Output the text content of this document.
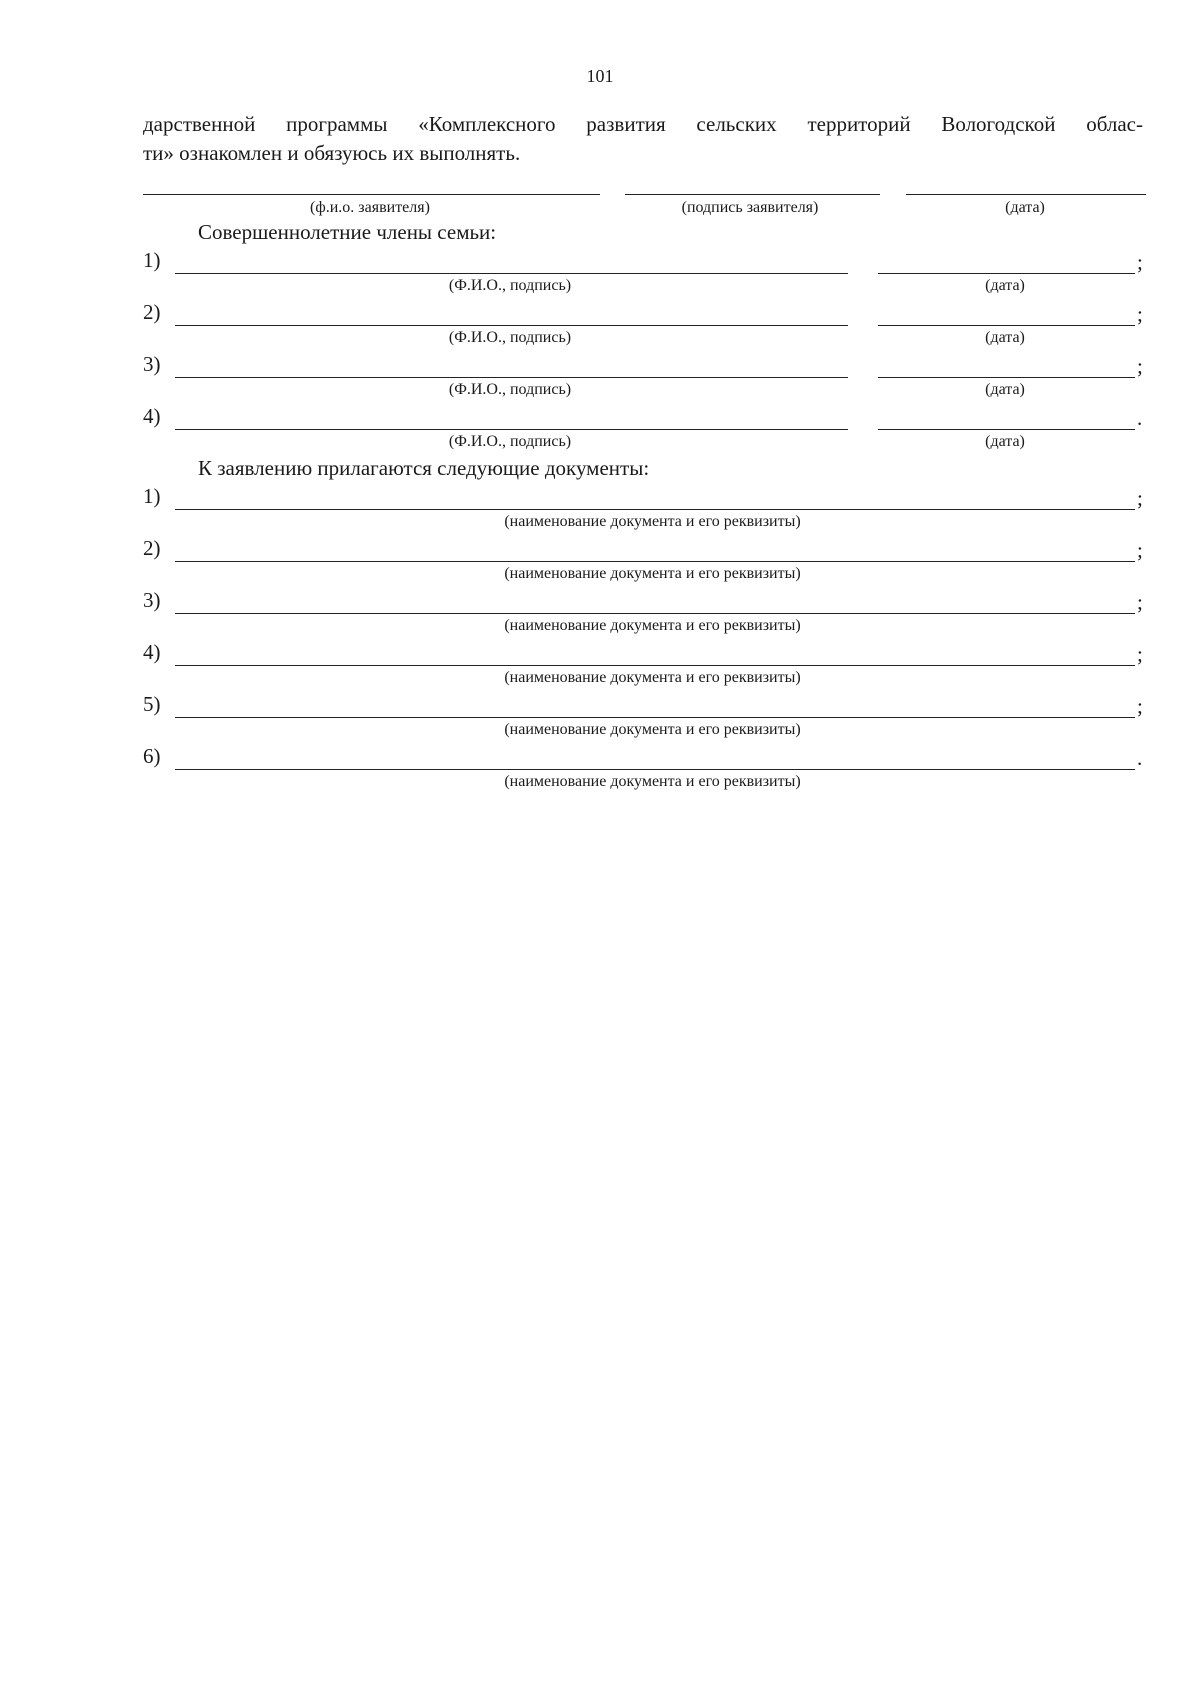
101
дарственной программы «Комплексного развития сельских территорий Вологодской облас-
ти» ознакомлен и обязуюсь их выполнять.
(ф.и.о. заявителя)	(подпись заявителя)	(дата)
Совершеннолетние члены семьи:
1)	;
(Ф.И.О., подпись)	(дата)
2)	;
(Ф.И.О., подпись)	(дата)
3)	;
(Ф.И.О., подпись)	(дата)
4)	.
(Ф.И.О., подпись)	(дата)
К заявлению прилагаются следующие документы:
1)	;
(наименование документа и его реквизиты)
2)	;
(наименование документа и его реквизиты)
3)	;
(наименование документа и его реквизиты)
4)	;
(наименование документа и его реквизиты)
5)	;
(наименование документа и его реквизиты)
6)	.
(наименование документа и его реквизиты)
